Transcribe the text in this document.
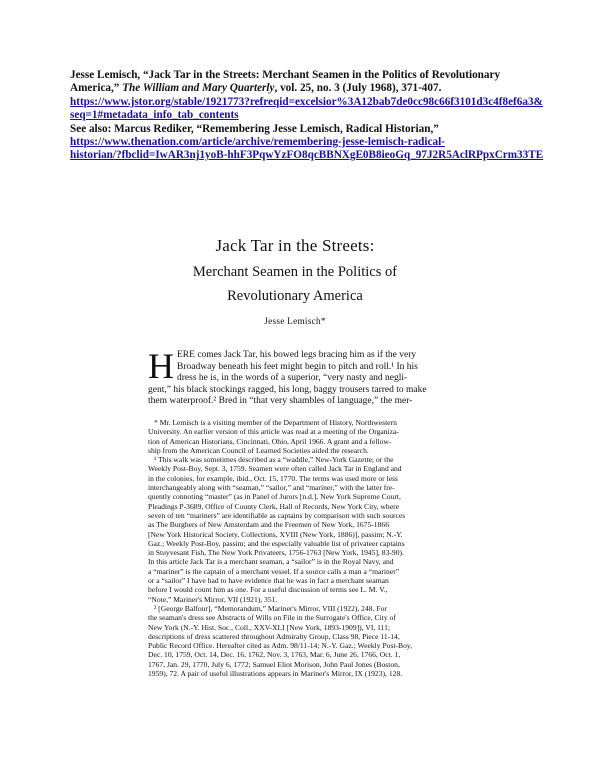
Jesse Lemisch, “Jack Tar in the Streets: Merchant Seamen in the Politics of Revolutionary
America,” The William and Mary Quarterly, vol. 25, no. 3 (July 1968), 371-407.
https://www.jstor.org/stable/1921773?refreqid=excelsior%3A12bab7de0cc98c66f3101d3c4f8ef6a3&
seq=1#metadata_info_tab_contents
See also: Marcus Rediker, “Remembering Jesse Lemisch, Radical Historian,”
https://www.thenation.com/article/archive/remembering-jesse-lemisch-radical-
historian/?fbclid=IwAR3nj1yoB-hhF3PqwYzFO8qcBBNXgE0B8ieoGq_97J2R5AclRPpxCrm33TE
Jack Tar in the Streets:
Merchant Seamen in the Politics of
Revolutionary America
Jesse Lemisch*
H ERE comes Jack Tar, his bowed legs bracing him as if the very
Broadway beneath his feet might begin to pitch and roll.¹ In his
dress he is, in the words of a superior, “very nasty and negli-
gent,” his black stockings ragged, his long, baggy trousers tarred to make
them waterproof.² Bred in “that very shambles of language,” the mer-
* Mr. Lemisch is a visiting member of the Department of History, Northwestern
University. An earlier version of this article was read at a meeting of the Organiza-
tion of American Historians, Cincinnati, Ohio, April 1966. A grant and a fellow-
ship from the American Council of Learned Societies aided the research.
¹ This walk was sometimes described as a “waddle,” New-York Gazette; or the
Weekly Post-Boy, Sept. 3, 1759. Seamen were often called Jack Tar in England and
in the colonies, for example, ibid., Oct. 15, 1770. The terms was used more or less
interchangeably along with “seaman,” “sailor,” and “mariner,” with the latter fre-
quently connoting “master” (as in Panel of Jurors [n.d.], New York Supreme Court,
Pleadings P-3689, Office of County Clerk, Hall of Records, New York City, where
seven of ten “mariners” are identifiable as captains by comparison with such sources
as The Burghers of New Amsterdam and the Freemen of New York, 1675-1866
[New York Historical Society, Collections, XVIII (New York, 1886)], passim; N.-Y.
Gaz.; Weekly Post-Boy, passim; and the especially valuable list of privateer captains
in Stuyvesant Fish, The New York Privateers, 1756-1763 [New York, 1945], 83-90).
In this article Jack Tar is a merchant seaman, a “sailor” is in the Royal Navy, and
a “mariner” is the captain of a merchant vessel. If a source calls a man a “mariner”
or a “sailor” I have had to have evidence that he was in fact a merchant seaman
before I would count him as one. For a useful discussion of terms see L. M. V.,
“Note,” Mariner's Mirror, VII (1921), 351.
² [George Balfour], “Memorandum,” Mariner's Mirror, VIII (1922), 248. For
the seaman's dress see Abstracts of Wills on File in the Surrogate's Office, City of
New York (N.-Y. Hist. Soc., Coll., XXV-XLI [New York, 1893-1909]), VI, 111;
descriptions of dress scattered throughout Admiralty Group, Class 98, Piece 11-14,
Public Record Office. Hereafter cited as Adm. 98/11-14; N.-Y. Gaz.; Weekly Post-Boy,
Dec. 10, 1759, Oct. 14, Dec. 16, 1762, Nov. 3, 1763, Mar. 6, June 26, 1766, Oct. 1,
1767, Jan. 29, 1770, July 6, 1772; Samuel Eliot Morison, John Paul Jones (Boston,
1959), 72. A pair of useful illustrations appears in Mariner's Mirror, IX (1923), 128.
